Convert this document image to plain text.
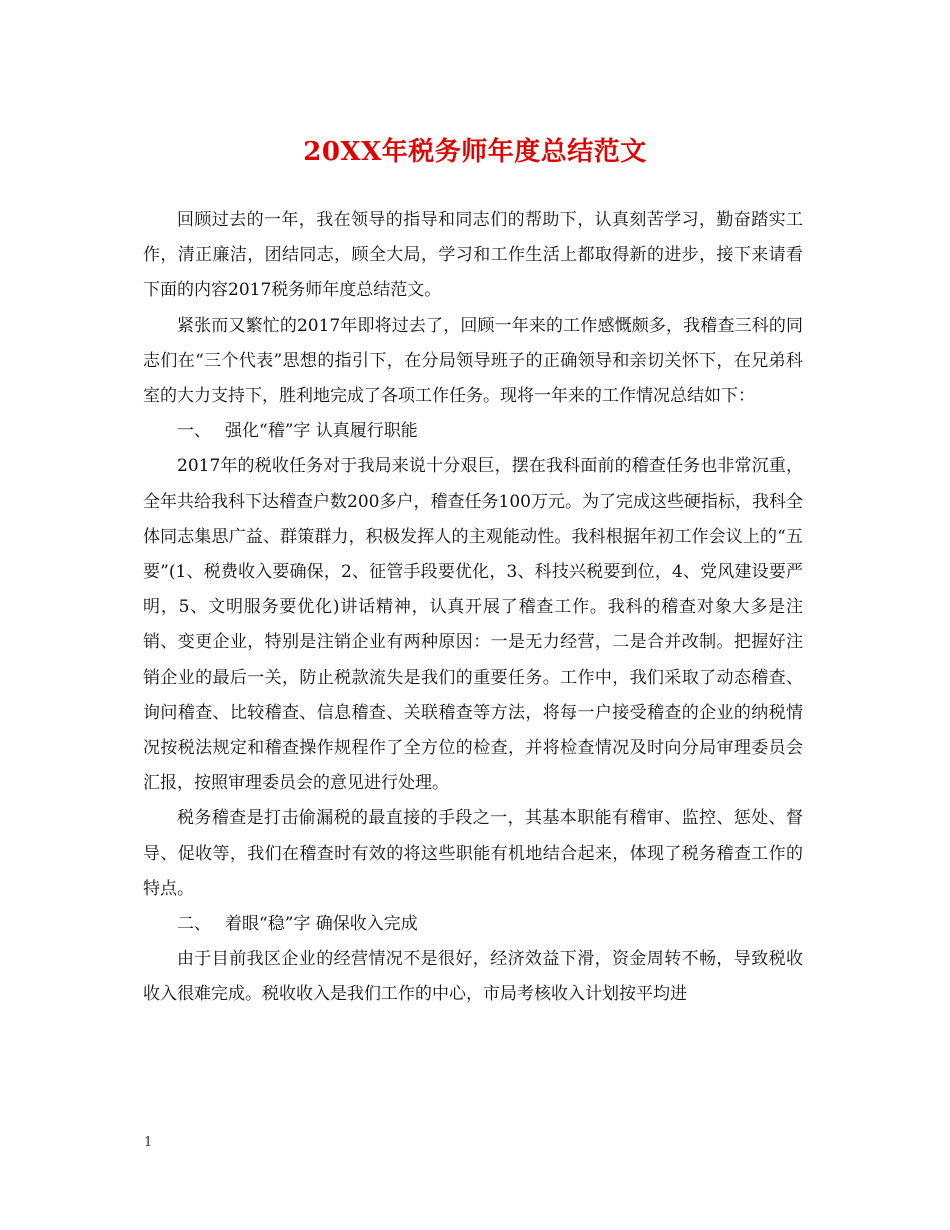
20XX年税务师年度总结范文

回顾过去的一年，我在领导的指导和同志们的帮助下，认真刻苦学习，勤奋踏实工作，清正廉洁，团结同志，顾全大局，学习和工作生活上都取得新的进步，接下来请看下面的内容2017税务师年度总结范文。

紧张而又繁忙的2017年即将过去了，回顾一年来的工作感慨颇多，我稽查三科的同志们在“三个代表”思想的指引下，在分局领导班子的正确领导和亲切关怀下，在兄弟科室的大力支持下，胜利地完成了各项工作任务。现将一年来的工作情况总结如下：

一、 强化“稽”字 认真履行职能

2017年的税收任务对于我局来说十分艰巨，摆在我科面前的稽查任务也非常沉重，全年共给我科下达稽查户数200多户，稽查任务100万元。为了完成这些硬指标，我科全体同志集思广益、群策群力，积极发挥人的主观能动性。我科根据年初工作会议上的“五要”(1、税费收入要确保，2、征管手段要优化，3、科技兴税要到位，4、党风建设要严明，5、文明服务要优化)讲话精神，认真开展了稽查工作。我科的稽查对象大多是注销、变更企业，特别是注销企业有两种原因：一是无力经营，二是合并改制。把握好注销企业的最后一关，防止税款流失是我们的重要任务。工作中，我们采取了动态稽查、询问稽查、比较稽查、信息稽查、关联稽查等方法，将每一户接受稽查的企业的纳税情况按税法规定和稽查操作规程作了全方位的检查，并将检查情况及时向分局审理委员会汇报，按照审理委员会的意见进行处理。

税务稽查是打击偷漏税的最直接的手段之一，其基本职能有稽审、监控、惩处、督导、促收等，我们在稽查时有效的将这些职能有机地结合起来，体现了税务稽查工作的特点。

二、 着眼“稳”字 确保收入完成

由于目前我区企业的经营情况不是很好，经济效益下滑，资金周转不畅，导致税收收入很难完成。税收收入是我们工作的中心，市局考核收入计划按平均进

1
